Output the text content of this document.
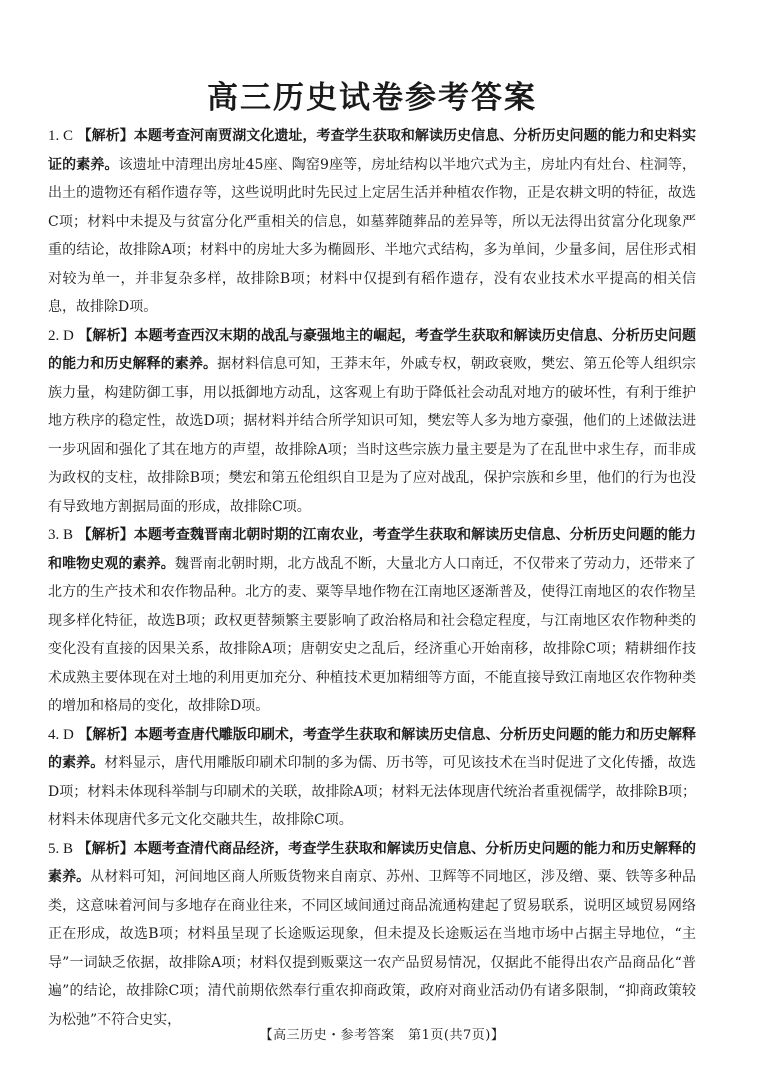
高三历史试卷参考答案

1. C 【解析】本题考查河南贾湖文化遗址，考查学生获取和解读历史信息、分析历史问题的能力和史料实证的素养。该遗址中清理出房址45座、陶窑9座等，房址结构以半地穴式为主，房址内有灶台、柱洞等，出土的遗物还有稻作遗存等，这些说明此时先民过上定居生活并种植农作物，正是农耕文明的特征，故选C项；材料中未提及与贫富分化严重相关的信息，如墓葬随葬品的差异等，所以无法得出贫富分化现象严重的结论，故排除A项；材料中的房址大多为椭圆形、半地穴式结构，多为单间，少量多间，居住形式相对较为单一，并非复杂多样，故排除B项；材料中仅提到有稻作遗存，没有农业技术水平提高的相关信息，故排除D项。

2. D 【解析】本题考查西汉末期的战乱与豪强地主的崛起，考查学生获取和解读历史信息、分析历史问题的能力和历史解释的素养。据材料信息可知，王莽末年，外戚专权，朝政衰败，樊宏、第五伦等人组织宗族力量，构建防御工事，用以抵御地方动乱，这客观上有助于降低社会动乱对地方的破坏性，有利于维护地方秩序的稳定性，故选D项；据材料并结合所学知识可知，樊宏等人多为地方豪强，他们的上述做法进一步巩固和强化了其在地方的声望，故排除A项；当时这些宗族力量主要是为了在乱世中求生存，而非成为政权的支柱，故排除B项；樊宏和第五伦组织自卫是为了应对战乱，保护宗族和乡里，他们的行为也没有导致地方割据局面的形成，故排除C项。

3. B 【解析】本题考查魏晋南北朝时期的江南农业，考查学生获取和解读历史信息、分析历史问题的能力和唯物史观的素养。魏晋南北朝时期，北方战乱不断，大量北方人口南迁，不仅带来了劳动力，还带来了北方的生产技术和农作物品种。北方的麦、粟等旱地作物在江南地区逐渐普及，使得江南地区的农作物呈现多样化特征，故选B项；政权更替频繁主要影响了政治格局和社会稳定程度，与江南地区农作物种类的变化没有直接的因果关系，故排除A项；唐朝安史之乱后，经济重心开始南移，故排除C项；精耕细作技术成熟主要体现在对土地的利用更加充分、种植技术更加精细等方面，不能直接导致江南地区农作物种类的增加和格局的变化，故排除D项。

4. D 【解析】本题考查唐代雕版印刷术，考查学生获取和解读历史信息、分析历史问题的能力和历史解释的素养。材料显示，唐代用雕版印刷术印制的多为儒、历书等，可见该技术在当时促进了文化传播，故选D项；材料未体现科举制与印刷术的关联，故排除A项；材料无法体现唐代统治者重视儒学，故排除B项；材料未体现唐代多元文化交融共生，故排除C项。

5. B 【解析】本题考查清代商品经济，考查学生获取和解读历史信息、分析历史问题的能力和历史解释的素养。从材料可知，河间地区商人所贩货物来自南京、苏州、卫辉等不同地区，涉及缯、粟、铁等多种品类，这意味着河间与多地存在商业往来，不同区域间通过商品流通构建起了贸易联系，说明区域贸易网络正在形成，故选B项；材料虽呈现了长途贩运现象，但未提及长途贩运在当地市场中占据主导地位，“主导”一词缺乏依据，故排除A项；材料仅提到贩粟这一农产品贸易情况，仅据此不能得出农产品商品化“普遍”的结论，故排除C项；清代前期依然奉行重农抑商政策，政府对商业活动仍有诸多限制，“抑商政策较为松弛”不符合史实，

【高三历史・参考答案　第1页(共7页)】
